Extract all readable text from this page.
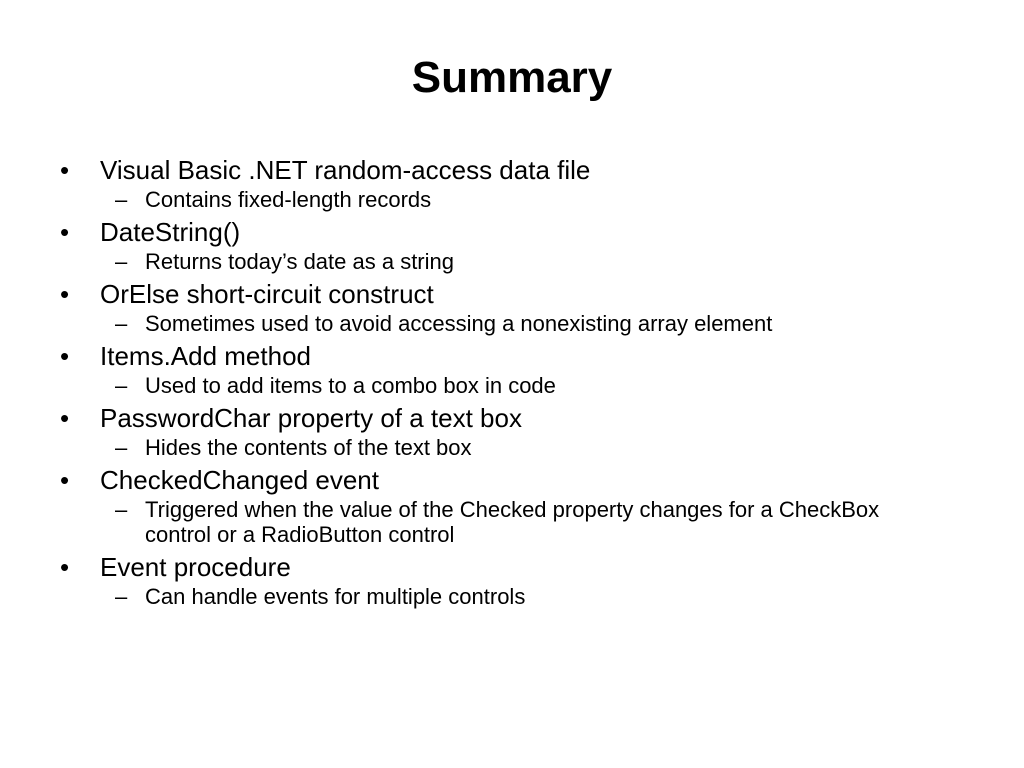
Summary
•	Visual Basic .NET random-access data file
– Contains fixed-length records
•	DateString()
– Returns today’s date as a string
•	OrElse short-circuit construct
– Sometimes used to avoid accessing a nonexisting array element
•	Items.Add method
– Used to add items to a combo box in code
•	PasswordChar property of a text box
– Hides the contents of the text box
•	CheckedChanged event
– Triggered when the value of the Checked property changes for a CheckBox control or a RadioButton control
•	Event procedure
– Can handle events for multiple controls
